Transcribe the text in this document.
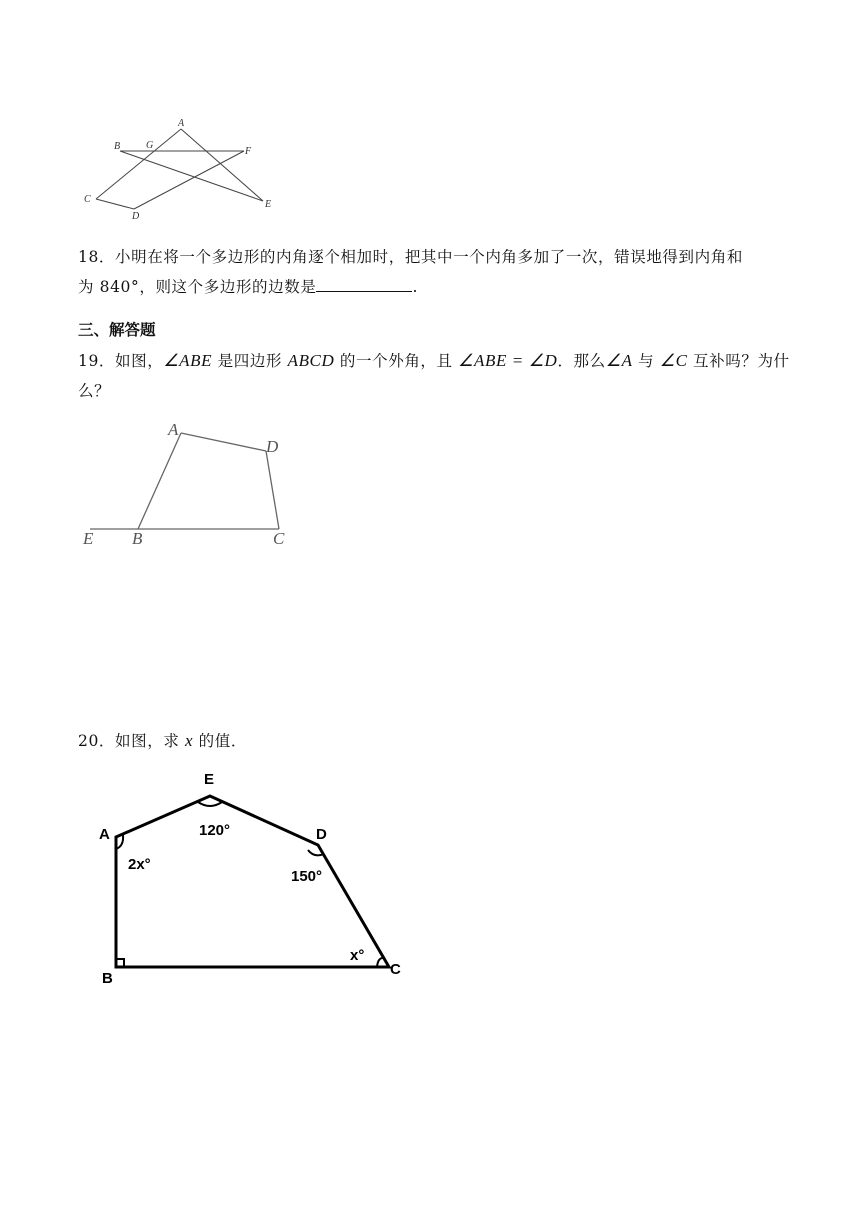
A
B	G
F
C
D
E
18．小明在将一个多边形的内角逐个相加时，把其中一个内角多加了一次，错误地得到内角和
为 840°，则这个多边形的边数是	.
三、解答题
19．如图，∠ABE 是四边形 ABCD 的一个外角，且 ∠ABE = ∠D．那么∠A 与 ∠C 互补吗？为什
么？
A
D
E B	C
20．如图，求 x 的值．
E
A	D
B
C
120°
2x°
150°
x°
